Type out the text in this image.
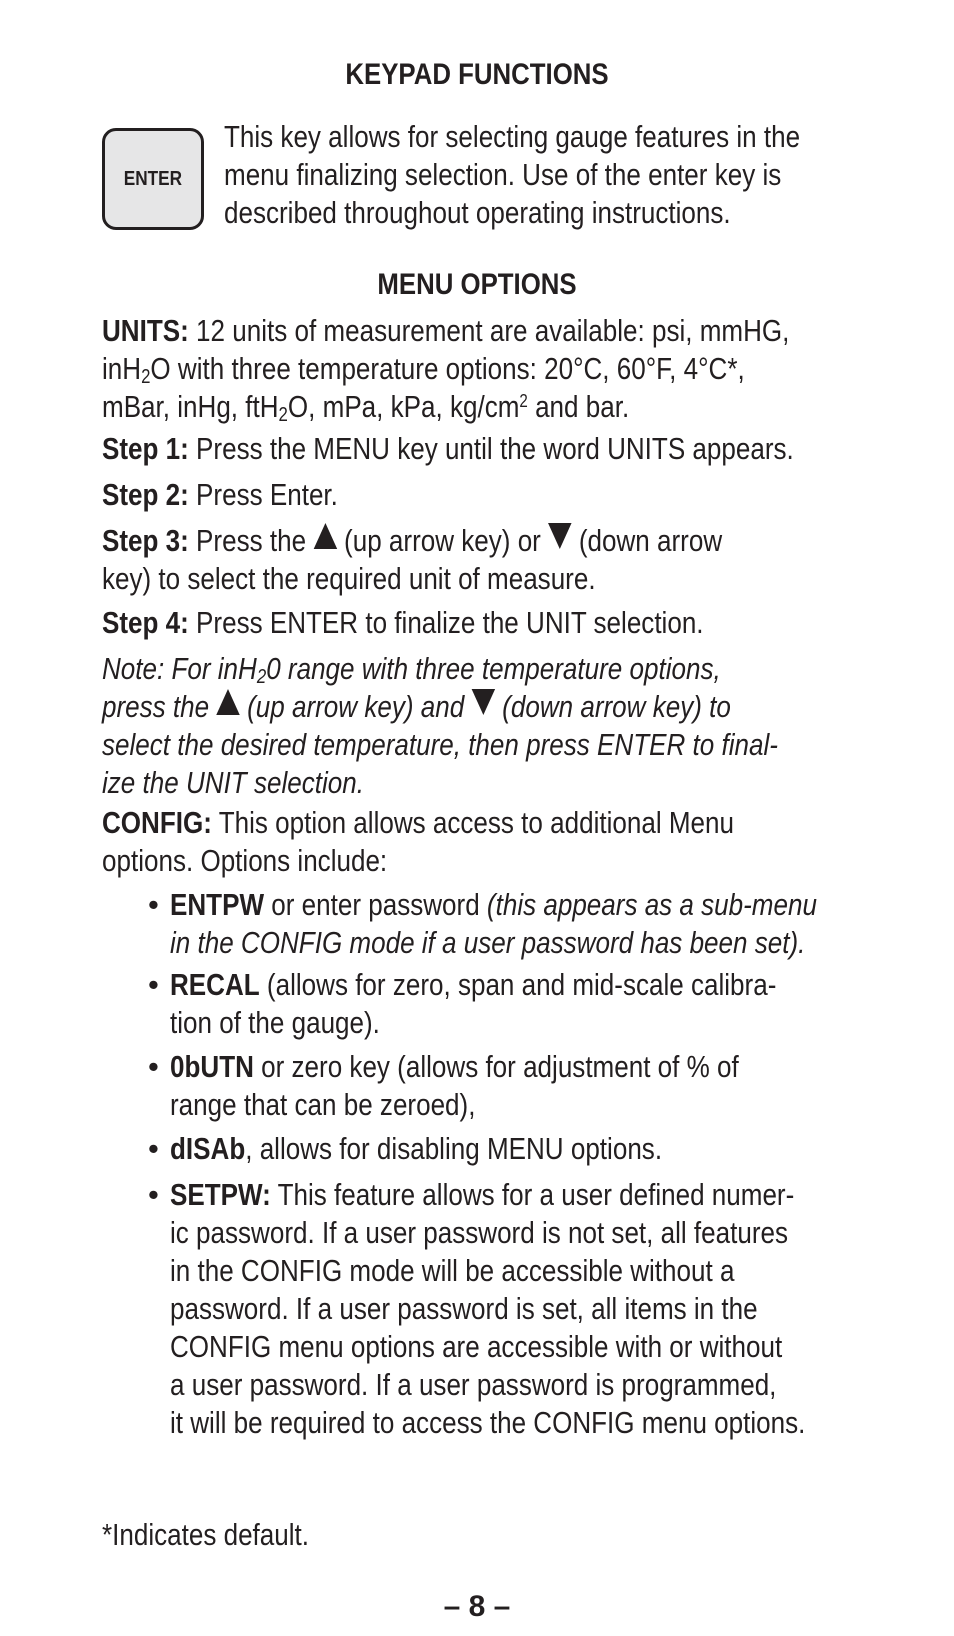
KEYPAD FUNCTIONS
ENTER
This key allows for selecting gauge features in the
menu finalizing selection. Use of the enter key is
described throughout operating instructions.
MENU OPTIONS
UNITS: 12 units of measurement are available: psi, mmHG,
inH$_2$O with three temperature options: 20°C, 60°F, 4°C*,
mBar, inHg, ftH$_2$O, mPa, kPa, $kg/cm^2$ and bar.
Step 1: Press the MENU key until the word UNITS appears.
Step 2: Press Enter.
Step 3: Press the  (up arrow key) or  (down arrow
key) to select the required unit of measure.
Step 4: Press ENTER to finalize the UNIT selection.
Note: For inH$_2$0 range with three temperature options,
press the  (up arrow key) and  (down arrow key) to
select the desired temperature, then press ENTER to final-
ize the UNIT selection.
CONFIG: This option allows access to additional Menu
options. Options include:
• ENTPW or enter password (this appears as a sub-menu
in the CONFIG mode if a user password has been set).
• RECAL (allows for zero, span and mid-scale calibra-
tion of the gauge).
• 0bUTN or zero key (allows for adjustment of % of
range that can be zeroed),
• dISAb, allows for disabling MENU options.
• SETPW: This feature allows for a user defined numer-
ic password. If a user password is not set, all features
in the CONFIG mode will be accessible without a
password. If a user password is set, all items in the
CONFIG menu options are accessible with or without
a user password. If a user password is programmed,
it will be required to access the CONFIG menu options.
*Indicates default.
– 8 –
